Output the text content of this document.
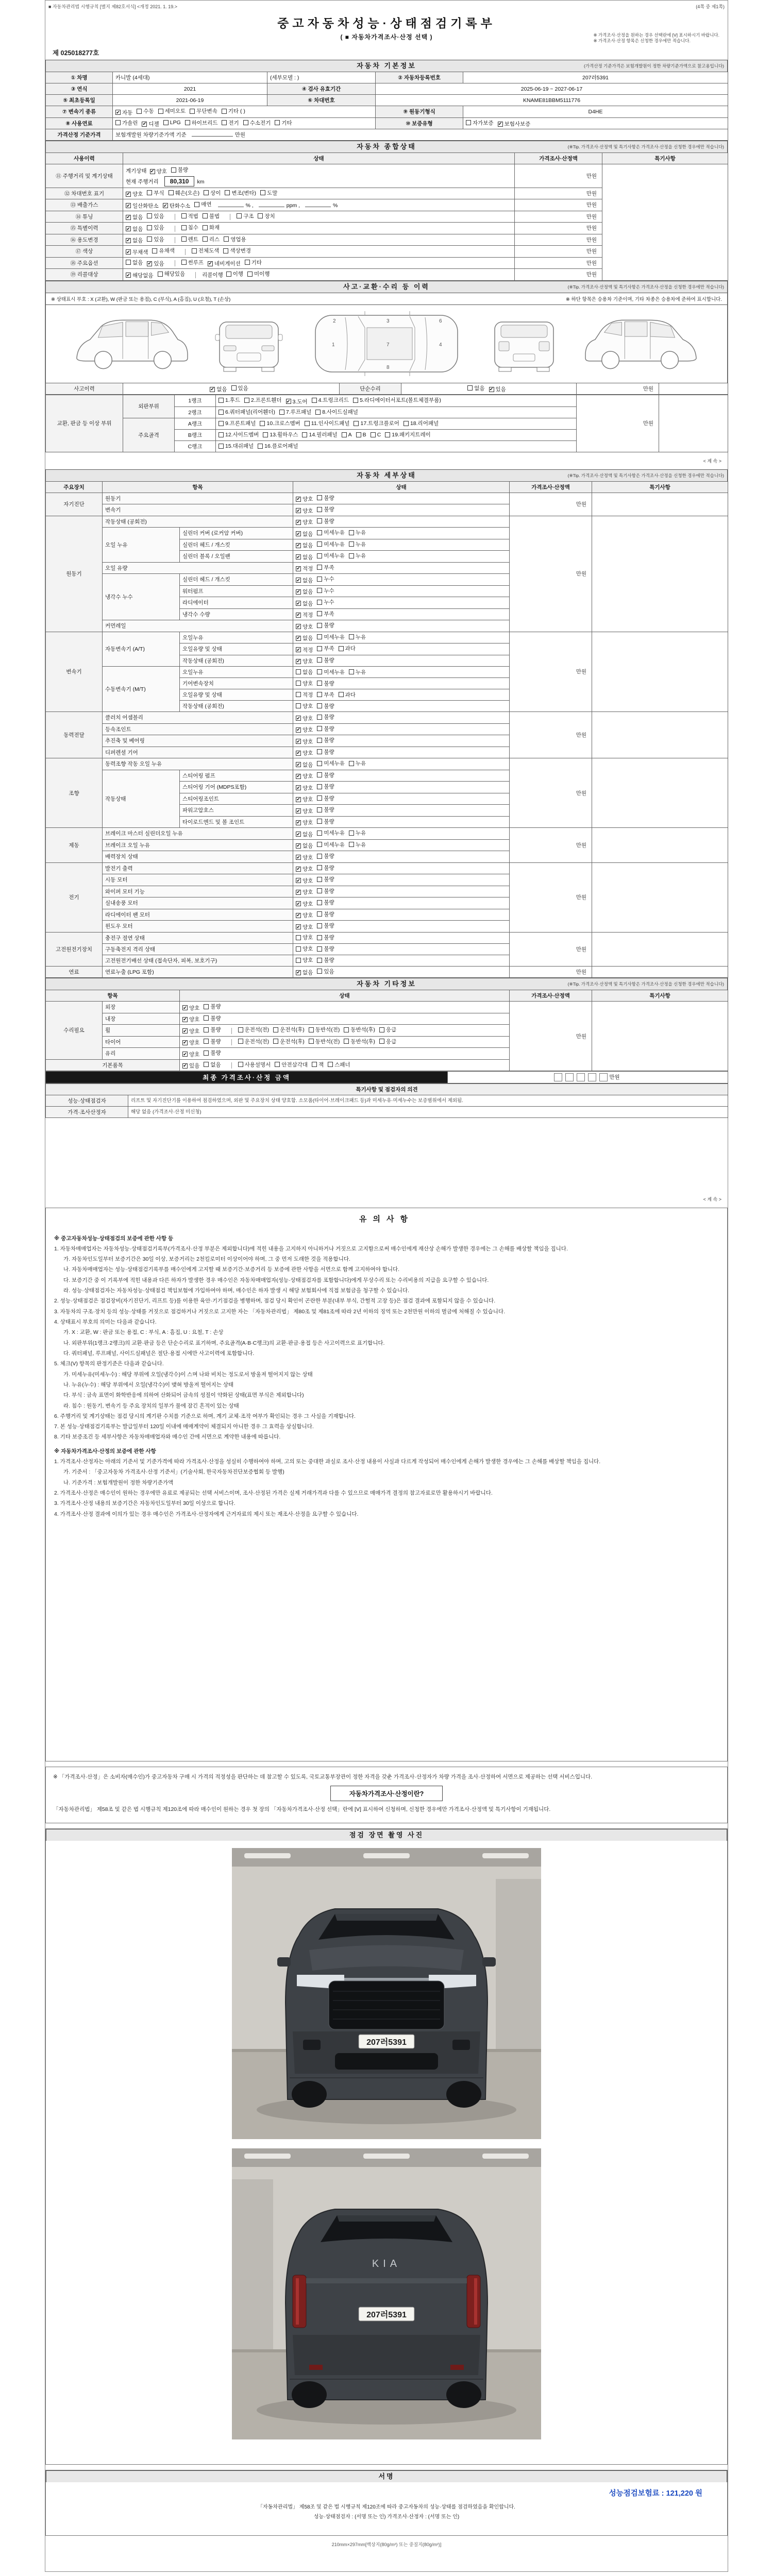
■ 자동차관리법 시행규칙 [별지 제82호서식] <개정 2021. 1. 19.>	(4쪽 중 제1쪽)
중고자동차성능·상태점검기록부
( ■ 자동차가격조사·산정 선택 )	※ 가격조사·산정을 원하는 경우 선택란에 [V] 표시하시기 바랍니다.
※ 가격조사·산정 항목은 신청한 경우에만 적습니다.
제 025018277호
자동차 기본정보	(가격산정 기준가격은 보험개발원이 정한 차량기준가액으로 참고용입니다)
① 차명	카니발 (4세대)	(세부모델 : )	② 자동차등록번호	207러5391
③ 연식	2021	④ 검사 유효기간	2025-06-19 ~ 2027-06-17	
⑤ 최초등록일	2021-06-19	⑥ 차대번호	KNAME81BBM5111776	
⑦ 변속기 종류	✔ 자동 수동 세미오토 무단변속 기타 ( )	⑨ 원동기형식	D4HE
⑧ 사용연료	가솔린 ✔ 디젤 LPG 하이브리드 전기 수소전기 기타	⑩ 보증유형	자가보증 ✔ 보험사보증

가격산정 기준가격	보험개발원 차량기준가액 기준 만원			
자동차 종합상태	(※Tip. 가격조사·산정액 및 특기사항은 가격조사·산정을 신청한 경우에만 적습니다)
사용이력	상태	가격조사·산정액	특기사항
⑪ 주행거리 및 계기상태	계기상태 ✔ 양호 불량
현재 주행거리 80,310 km	만원	
⑫ 차대번호 표기	✔ 양호 부식 훼손(오손) 상이 변조(변타) 도말	만원
⑬ 배출가스	✔ 일산화탄소 ✔ 탄화수소 매연	% ,	ppm ,	%	만원
⑭ 튜닝	✔ 없음 있음	적법 불법	구조 장치	만원
⑮ 특별이력	✔ 없음 있음 침수 화재	만원	
⑯ 용도변경	✔ 없음 있음	렌트 리스 영업용	만원
⑰ 색상	✔ 무채색 유채색 전체도색 색상변경	만원	
⑱ 주요옵션	없음 ✔ 있음	썬루프 ✔ 네비게이션 기타	만원
⑲ 리콜대상	✔ 해당없음 해당있음	리콜이행 이행 미이행	만원
사고·교환·수리 등 이력	(※Tip. 가격조사·산정액 및 특기사항은 가격조사·산정을 신청한 경우에만 적습니다)
※ 상태표시 부호 : X (교환), W (판금 또는 용접), C (부식), A (흠집), U (요철), T (손상)	※ 하단 항목은 승용차 기준이며, 기타 차종은 승용차에 준하여 표시합니다.
2
1	7	4
3	6
8
사고이력	✔ 없음 있음	단순수리	없음 ✔ 있음	만원	
교환, 판금 등 이상 부위	외판부위	1랭크	1.후드 2.프론트휀더 ✔ 3.도어 4.트렁크리드 5.라디에이터서포트(볼트체결부품)
	만원	
		2랭크	6.쿼터패널(리어휀더) 7.루프패널 8.사이드실패널		

	주요골격	A랭크	9.프론트패널 10.크로스멤버 11.인사이드패널 17.트렁크플로어 18.리어패널		

B랭크	12.사이드멤버 13.휠하우스 14.필러패널 A B C 19.패키지트레이

		C랭크	15.대쉬패널 16.플로어패널		
< 계 속 >
자동차 세부상태	(※Tip. 가격조사·산정액 및 특기사항은 가격조사·산정을 신청한 경우에만 적습니다)
주요장치	항목		상태	가격조사·산정액	특기사항
자기진단	원동기		✔ 양호 불량	만원	
	변속기		✔ 양호 불량		

원동기	작동상태 (공회전)		✔ 양호 불량	만원	
	오일 누유	실린더 커버 (로커암 커버)	✔ 없음 미세누유 누유		

		실린더 헤드 / 개스킷	✔ 없음 미세누유 누유		

		실린더 블록 / 오일팬	✔ 없음 미세누유 누유		

	오일 유량		✔ 적정 부족		

	냉각수 누수	실린더 헤드 / 개스킷	✔ 없음 누수		

		워터펌프	✔ 없음 누수		

		라디에이터	✔ 없음 누수		

		냉각수 수량	✔ 적정 부족		

	커먼레일		✔ 양호 불량		

변속기	자동변속기 (A/T)	오일누유	✔ 없음 미세누유 누유	만원	
		오일유량 및 상태	✔ 적정 부족 과다		

		작동상태 (공회전)	✔ 양호 불량		

	수동변속기 (M/T)	오일누유	없음 미세누유 누유		

		기어변속장치	양호 불량		

		오일유량 및 상태	적정 부족 과다		

		작동상태 (공회전)	양호 불량		

동력전달	클러치 어셈블리		✔ 양호 불량	만원	
	등속조인트		✔ 양호 불량		

	추진축 및 베어링		✔ 양호 불량		

	디퍼렌셜 기어		✔ 양호 불량		

조향	동력조향 작동 오일 누유		✔ 없음 미세누유 누유	만원	
	작동상태	스티어링 펌프	✔ 양호 불량		

		스티어링 기어 (MDPS포함)	✔ 양호 불량		

		스티어링조인트	✔ 양호 불량		

		파워고압호스	✔ 양호 불량		

		타이로드엔드 및 볼 조인트	✔ 양호 불량		

제동	브레이크 마스터 실린더오일 누유		✔ 없음 미세누유 누유	만원	
	브레이크 오일 누유		✔ 없음 미세누유 누유		

	배력장치 상태		✔ 양호 불량		

전기	발전기 출력		✔ 양호 불량	만원	
	시동 모터		✔ 양호 불량		

	와이퍼 모터 기능		✔ 양호 불량		

	실내송풍 모터		✔ 양호 불량		

	라디에이터 팬 모터		✔ 양호 불량		

	윈도우 모터		✔ 양호 불량		

고전원전기장치	충전구 절연 상태		양호 불량	만원	
	구동축전지 격리 상태		양호 불량		

	고전원전기배선 상태 (접속단자, 피복, 보호기구)		양호 불량		

연료	연료누출 (LPG 포함)		✔ 없음 있음	만원	
자동차 기타정보	(※Tip. 가격조사·산정액 및 특기사항은 가격조사·산정을 신청한 경우에만 적습니다)
항목		상태	가격조사·산정액	특기사항
수리필요	외장	✔ 양호 불량	만원	
	내장	✔ 양호 불량		

휠	✔ 양호 불량	운전석(전) 운전석(후) 동반석(전) 동반석(후) 응급

타이어	✔ 양호 불량	운전석(전) 운전석(후) 동반석(전) 동반석(후) 응급

	유리	✔ 양호 불량		

기본품목	✔ 있음 없음	사용설명서 안전삼각대 잭 스패너
최종 가격조사·산정 금액	만원
특기사항 및 점검자의 의견	
성능·상태점검자	리프트 및 자기진단기를 이용하여 점검하였으며, 외판 및 주요장치 상태 양호함. 소모품(타이어·브레이크패드 등)과 미세누유·미세누수는 보증범위에서 제외됨.
가격·조사산정자	해당 없음 (가격조사·산정 미신청)
< 계 속 >
유의사항

※ 중고자동차성능·상태점검의 보증에 관한 사항 등

1. 자동차매매업자는 자동차성능·상태점검기록부(가격조사·산정 부분은 제외합니다)에 적힌 내용을 고지하지 아니하거나 거짓으로 고지함으로써 매수인에게 재산상 손해가 발생한 경우에는 그 손해를 배상할 책임을 집니다.

가. 자동차인도일부터 보증기간은 30일 이상, 보증거리는 2천킬로미터 이상이어야 하며, 그 중 먼저 도래한 것을 적용합니다.

나. 자동차매매업자는 성능·상태점검기록부를 매수인에게 고지할 때 보증기간·보증거리 등 보증에 관한 사항을 서면으로 함께 고지하여야 합니다.

다. 보증기간 중 이 기록부에 적힌 내용과 다른 하자가 발생한 경우 매수인은 자동차매매업자(성능·상태점검자를 포함합니다)에게 무상수리 또는 수리비용의 지급을 요구할 수 있습니다.

라. 성능·상태점검자는 자동차성능·상태점검 책임보험에 가입하여야 하며, 매수인은 하자 발생 시 해당 보험회사에 직접 보험금을 청구할 수 있습니다.

2. 성능·상태점검은 점검장비(자기진단기, 리프트 등)를 이용한 육안·기기점검을 병행하며, 점검 당시 확인이 곤란한 부분(내부 부식, 간헐적 고장 등)은 점검 결과에 포함되지 않을 수 있습니다.

3. 자동차의 구조·장치 등의 성능·상태를 거짓으로 점검하거나 거짓으로 고지한 자는 「자동차관리법」 제80조 및 제81조에 따라 2년 이하의 징역 또는 2천만원 이하의 벌금에 처해질 수 있습니다.

4. 상태표시 부호의 의미는 다음과 같습니다.

가. X : 교환, W : 판금 또는 용접, C : 부식, A : 흠집, U : 요철, T : 손상

나. 외판부위(1랭크·2랭크)의 교환·판금 등은 단순수리로 표기하며, 주요골격(A·B·C랭크)의 교환·판금·용접 등은 사고이력으로 표기합니다.

다. 쿼터패널, 루프패널, 사이드실패널은 절단·용접 시에만 사고이력에 포함합니다.

5. 체크(V) 항목의 판정기준은 다음과 같습니다.

가. 미세누유(미세누수) : 해당 부위에 오일(냉각수)이 스며 나와 비치는 정도로서 방울져 떨어지지 않는 상태

나. 누유(누수) : 해당 부위에서 오일(냉각수)이 맺혀 방울져 떨어지는 상태

다. 부식 : 금속 표면이 화학반응에 의하여 산화되어 금속의 성질이 약화된 상태(표면 부식은 제외합니다)

라. 침수 : 원동기, 변속기 등 주요 장치의 일부가 물에 잠긴 흔적이 있는 상태

6. 주행거리 및 계기상태는 점검 당시의 계기판 수치를 기준으로 하며, 계기 교체·조작 여부가 확인되는 경우 그 사실을 기재합니다.

7. 본 성능·상태점검기록부는 발급일부터 120일 이내에 매매계약이 체결되지 아니한 경우 그 효력을 상실합니다.

8. 기타 보증조건 등 세부사항은 자동차매매업자와 매수인 간에 서면으로 계약한 내용에 따릅니다.

※ 자동차가격조사·산정의 보증에 관한 사항

1. 가격조사·산정자는 아래의 기준서 및 기준가격에 따라 가격조사·산정을 성실히 수행하여야 하며, 고의 또는 중대한 과실로 조사·산정 내용이 사실과 다르게 작성되어 매수인에게 손해가 발생한 경우에는 그 손해를 배상할 책임을 집니다.

가. 기준서 : 「중고자동차 가격조사·산정 기준서」(기술사회, 한국자동차진단보증협회 등 발행)

나. 기준가격 : 보험개발원이 정한 차량기준가액

2. 가격조사·산정은 매수인이 원하는 경우에만 유료로 제공되는 선택 서비스이며, 조사·산정된 가격은 실제 거래가격과 다를 수 있으므로 매매가격 결정의 참고자료로만 활용하시기 바랍니다.

3. 가격조사·산정 내용의 보증기간은 자동차인도일부터 30일 이상으로 합니다.

4. 가격조사·산정 결과에 이의가 있는 경우 매수인은 가격조사·산정자에게 근거자료의 제시 또는 재조사·산정을 요구할 수 있습니다.

※ 「가격조사·산정」은 소비자(매수인)가 중고자동차 구매 시 가격의 적정성을 판단하는 데 참고할 수 있도록, 국토교통부장관이 정한 자격을 갖춘 가격조사·산정자가 차량 가격을 조사·산정하여 서면으로 제공하는 선택 서비스입니다.

자동차가격조사·산정이란?

「자동차관리법」 제58조 및 같은 법 시행규칙 제120조에 따라 매수인이 원하는 경우 첫 장의 「자동차가격조사·산정 선택」란에 [V] 표시하여 신청하며, 신청한 경우에만 가격조사·산정액 및 특기사항이 기재됩니다.

점검 장면 촬영 사진
207러5391
KIA
207러5391
서명
성능점검보험료 : 121,220 원

「자동차관리법」 제58조 및 같은 법 시행규칙 제120조에 따라 중고자동차의 성능·상태를 점검하였음을 확인합니다.

성능·상태점검자 : (서명 또는 인) 가격조사·산정자 : (서명 또는 인)

210mm×297mm[백상지(80g/m²) 또는 중질지(80g/m²)]
